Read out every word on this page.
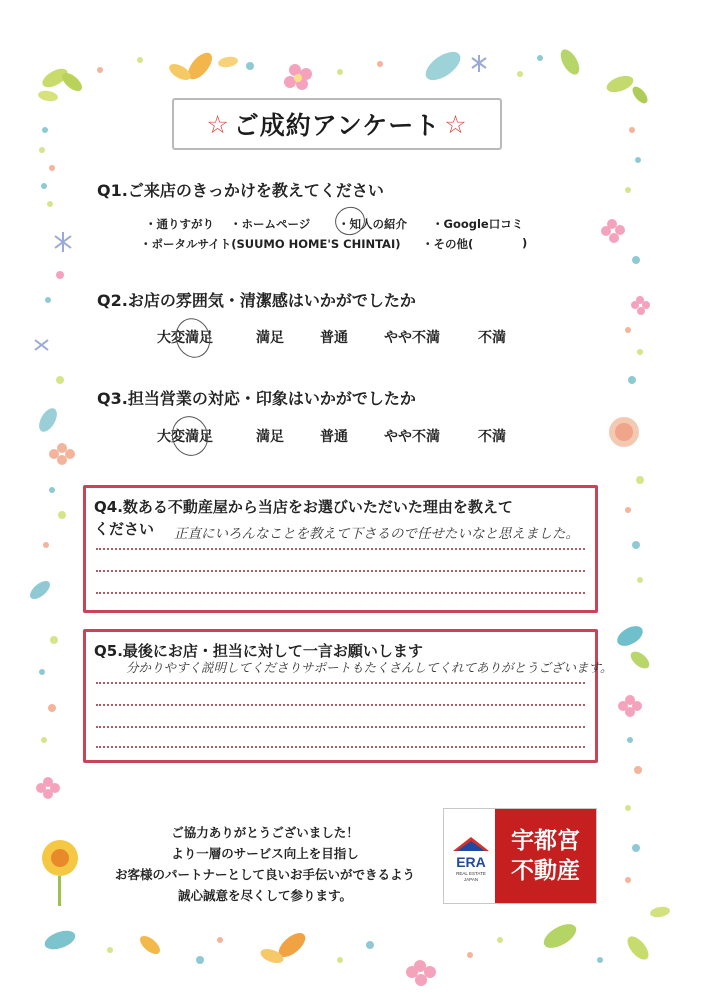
☆ ご成約アンケート ☆
Q1.ご来店のきっかけを教えてください
・通りすがり ・ホームページ ・知人の紹介 ・Google口コミ
・ポータルサイト(SUUMO HOME'S CHINTAI) ・その他(	)
Q2.お店の雰囲気・清潔感はいかがでしたか
大変満足	満足	普通	やや不満	不満
Q3.担当営業の対応・印象はいかがでしたか
大変満足	満足	普通	やや不満	不満
Q4.数ある不動産屋から当店をお選びいただいた理由を教えて
ください 正直にいろんなことを教えて下さるので任せたいなと思えました。
Q5.最後にお店・担当に対して一言お願いします
分かりやすく説明してくださりサポートもたくさんしてくれてありがとうございます。
ご協力ありがとうございました！
より一層のサービス向上を目指し
お客様のパートナーとして良いお手伝いができるよう
誠心誠意を尽くして参ります。
ERA
REAL ESTATE
JAPAN
宇都宮
不動産
